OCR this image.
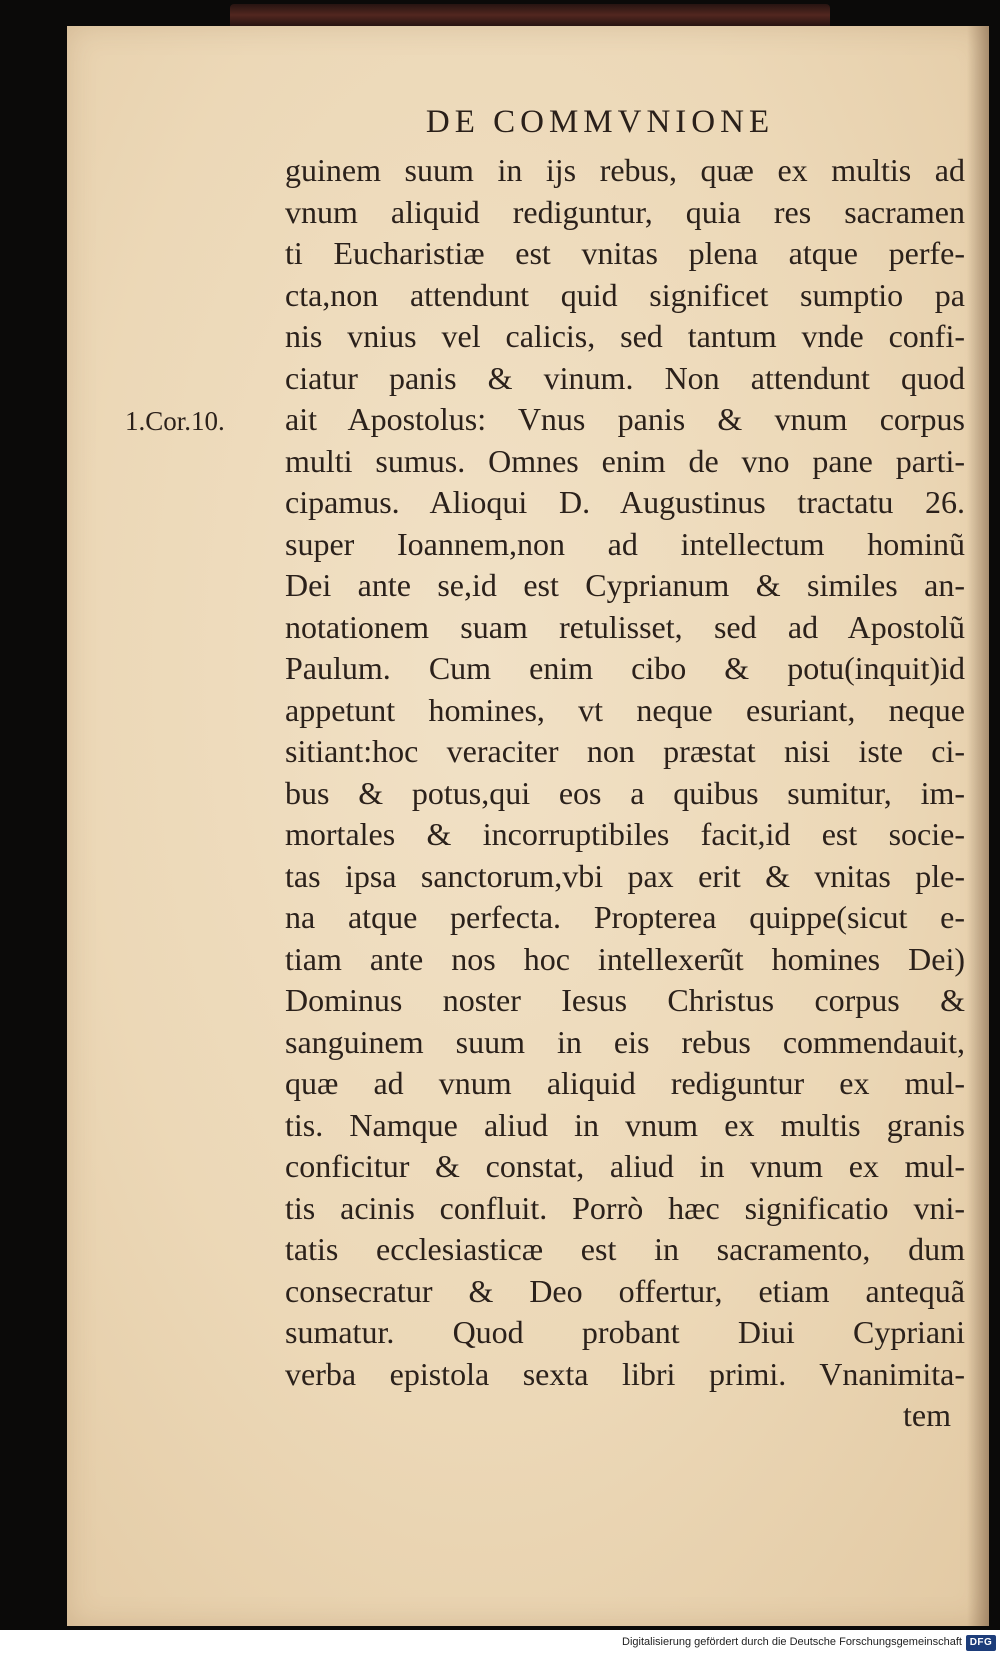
DE COMMVNIONE
1.Cor.10.
guinem suum in ijs rebus, quæ ex multis ad
vnum aliquid rediguntur, quia res sacramen
ti Eucharistiæ est vnitas plena atque perfe-
cta,non attendunt quid significet sumptio pa
nis vnius vel calicis, sed tantum vnde confi-
ciatur panis & vinum. Non attendunt quod
ait Apostolus: Vnus panis & vnum corpus
multi sumus. Omnes enim de vno pane parti-
cipamus. Alioqui D. Augustinus tractatu 26.
super Ioannem,non ad intellectum hominũ
Dei ante se,id est Cyprianum & similes an-
notationem suam retulisset, sed ad Apostolũ
Paulum. Cum enim cibo & potu(inquit)id
appetunt homines, vt neque esuriant, neque
sitiant:hoc veraciter non præstat nisi iste ci-
bus & potus,qui eos a quibus sumitur, im-
mortales & incorruptibiles facit,id est socie-
tas ipsa sanctorum,vbi pax erit & vnitas ple-
na atque perfecta. Propterea quippe(sicut e-
tiam ante nos hoc intellexerũt homines Dei)
Dominus noster Iesus Christus corpus &
sanguinem suum in eis rebus commendauit,
quæ ad vnum aliquid rediguntur ex mul-
tis. Namque aliud in vnum ex multis granis
conficitur & constat, aliud in vnum ex mul-
tis acinis confluit. Porrò hæc significatio vni-
tatis ecclesiasticæ est in sacramento, dum
consecratur & Deo offertur, etiam antequã
sumatur. Quod probant Diui Cypriani
verba epistola sexta libri primi. Vnanimita-
tem
Digitalisierung gefördert durch die Deutsche Forschungsgemeinschaft DFG
